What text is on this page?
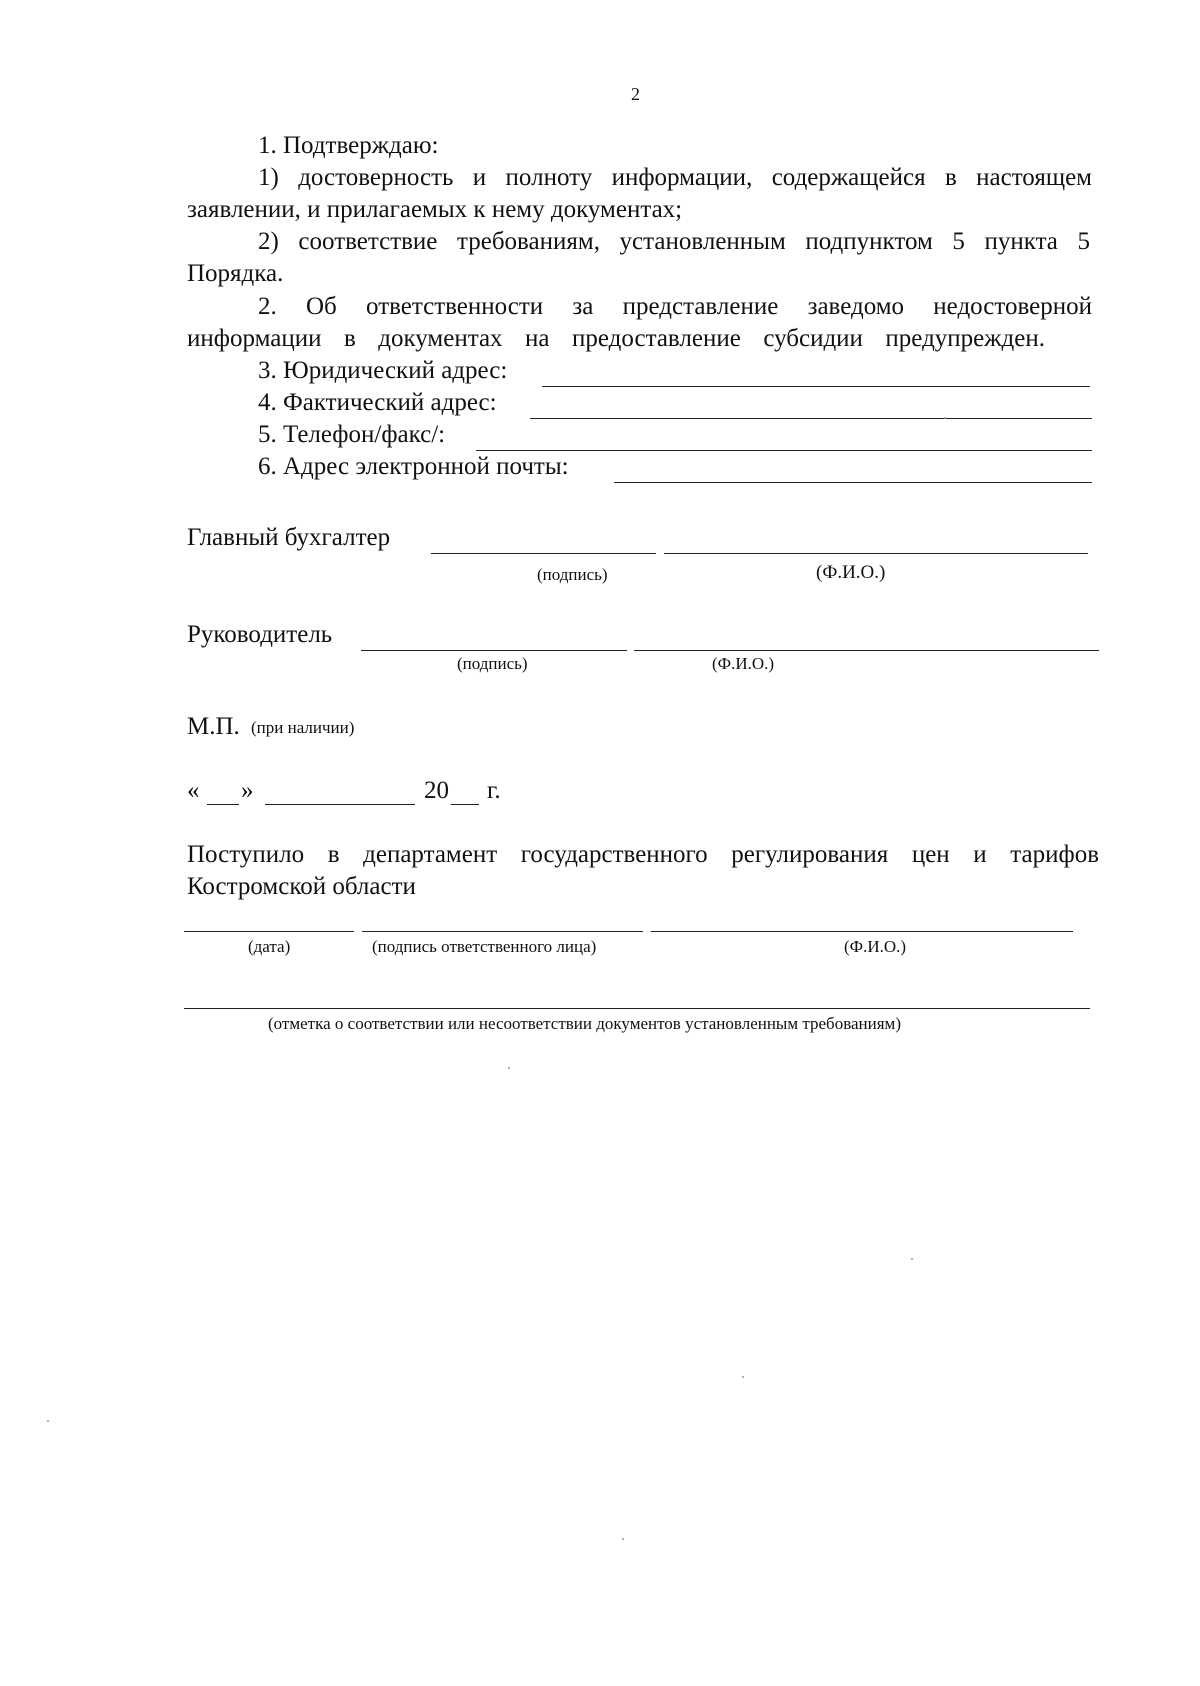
2
1. Подтверждаю:
1) достоверность и полноту информации, содержащейся в настоящем
заявлении, и прилагаемых к нему документах;
2) соответствие требованиям, установленным подпунктом 5 пункта 5
Порядка.
2. Об ответственности за представление заведомо недостоверной
информации в документах на предоставление субсидии предупрежден.
3. Юридический адрес:
4. Фактический адрес:
5. Телефон/факс/:
6. Адрес электронной почты:
Главный бухгалтер
(подпись)	(Ф.И.О.)
Руководитель
(подпись)	(Ф.И.О.)
М.П. (при наличии)
« »	20 г.
Поступило в департамент государственного регулирования цен и тарифов
Костромской области
(дата)	(подпись ответственного лица)	(Ф.И.О.)
(отметка о соответствии или несоответствии документов установленным требованиям)
